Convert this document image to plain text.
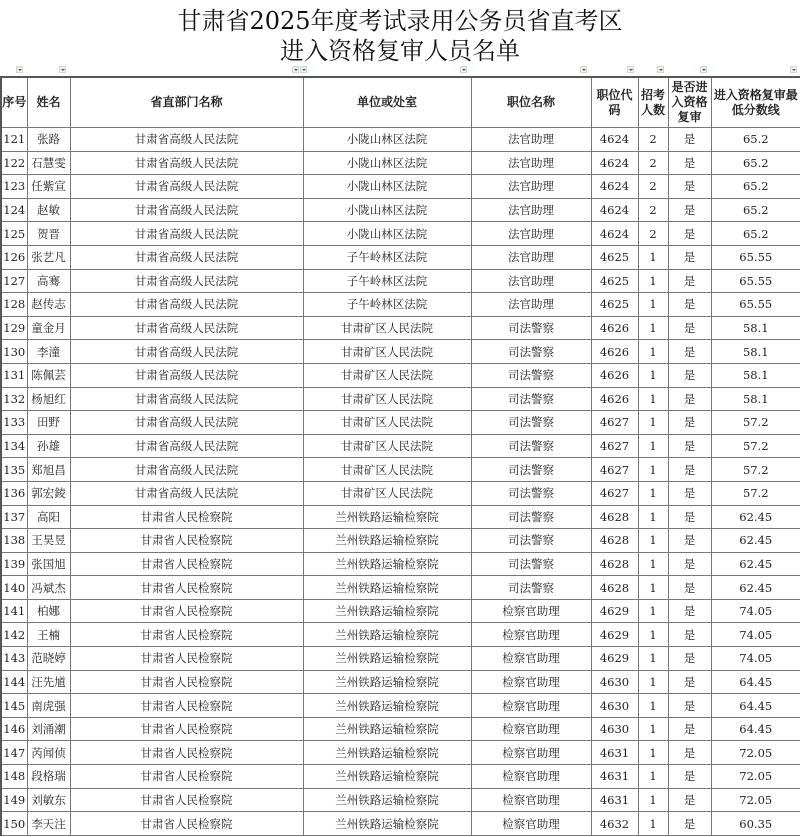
甘肃省2025年度考试录用公务员省直考区
进入资格复审人员名单
序号	姓名	省直部门名称	单位或处室	职位名称	职位代码	招考人数	是否进入资格复审	进入资格复审最低分数线
121	张路	甘肃省高级人民法院	小陇山林区法院	法官助理	4624	2	是	65.2
122	石慧雯	甘肃省高级人民法院	小陇山林区法院	法官助理	4624	2	是	65.2
123	任紫宣	甘肃省高级人民法院	小陇山林区法院	法官助理	4624	2	是	65.2
124	赵敏	甘肃省高级人民法院	小陇山林区法院	法官助理	4624	2	是	65.2
125	贺晋	甘肃省高级人民法院	小陇山林区法院	法官助理	4624	2	是	65.2
126	张艺凡	甘肃省高级人民法院	子午岭林区法院	法官助理	4625	1	是	65.55
127	高骞	甘肃省高级人民法院	子午岭林区法院	法官助理	4625	1	是	65.55
128	赵传志	甘肃省高级人民法院	子午岭林区法院	法官助理	4625	1	是	65.55
129	童金月	甘肃省高级人民法院	甘肃矿区人民法院	司法警察	4626	1	是	58.1
130	李潼	甘肃省高级人民法院	甘肃矿区人民法院	司法警察	4626	1	是	58.1
131	陈佩芸	甘肃省高级人民法院	甘肃矿区人民法院	司法警察	4626	1	是	58.1
132	杨旭红	甘肃省高级人民法院	甘肃矿区人民法院	司法警察	4626	1	是	58.1
133	田野	甘肃省高级人民法院	甘肃矿区人民法院	司法警察	4627	1	是	57.2
134	孙雄	甘肃省高级人民法院	甘肃矿区人民法院	司法警察	4627	1	是	57.2
135	郑旭昌	甘肃省高级人民法院	甘肃矿区人民法院	司法警察	4627	1	是	57.2
136	郭宏錂	甘肃省高级人民法院	甘肃矿区人民法院	司法警察	4627	1	是	57.2
137	高阳	甘肃省人民检察院	兰州铁路运输检察院	司法警察	4628	1	是	62.45
138	王昊昱	甘肃省人民检察院	兰州铁路运输检察院	司法警察	4628	1	是	62.45
139	张国旭	甘肃省人民检察院	兰州铁路运输检察院	司法警察	4628	1	是	62.45
140	冯斌杰	甘肃省人民检察院	兰州铁路运输检察院	司法警察	4628	1	是	62.45
141	柏娜	甘肃省人民检察院	兰州铁路运输检察院	检察官助理	4629	1	是	74.05
142	王楠	甘肃省人民检察院	兰州铁路运输检察院	检察官助理	4629	1	是	74.05
143	范晓婷	甘肃省人民检察院	兰州铁路运输检察院	检察官助理	4629	1	是	74.05
144	汪先馗	甘肃省人民检察院	兰州铁路运输检察院	检察官助理	4630	1	是	64.45
145	南虎强	甘肃省人民检察院	兰州铁路运输检察院	检察官助理	4630	1	是	64.45
146	刘涌潮	甘肃省人民检察院	兰州铁路运输检察院	检察官助理	4630	1	是	64.45
147	芮闻侦	甘肃省人民检察院	兰州铁路运输检察院	检察官助理	4631	1	是	72.05
148	段格瑞	甘肃省人民检察院	兰州铁路运输检察院	检察官助理	4631	1	是	72.05
149	刘敏东	甘肃省人民检察院	兰州铁路运输检察院	检察官助理	4631	1	是	72.05
150	李天注	甘肃省人民检察院	兰州铁路运输检察院	检察官助理	4632	1	是	60.35
